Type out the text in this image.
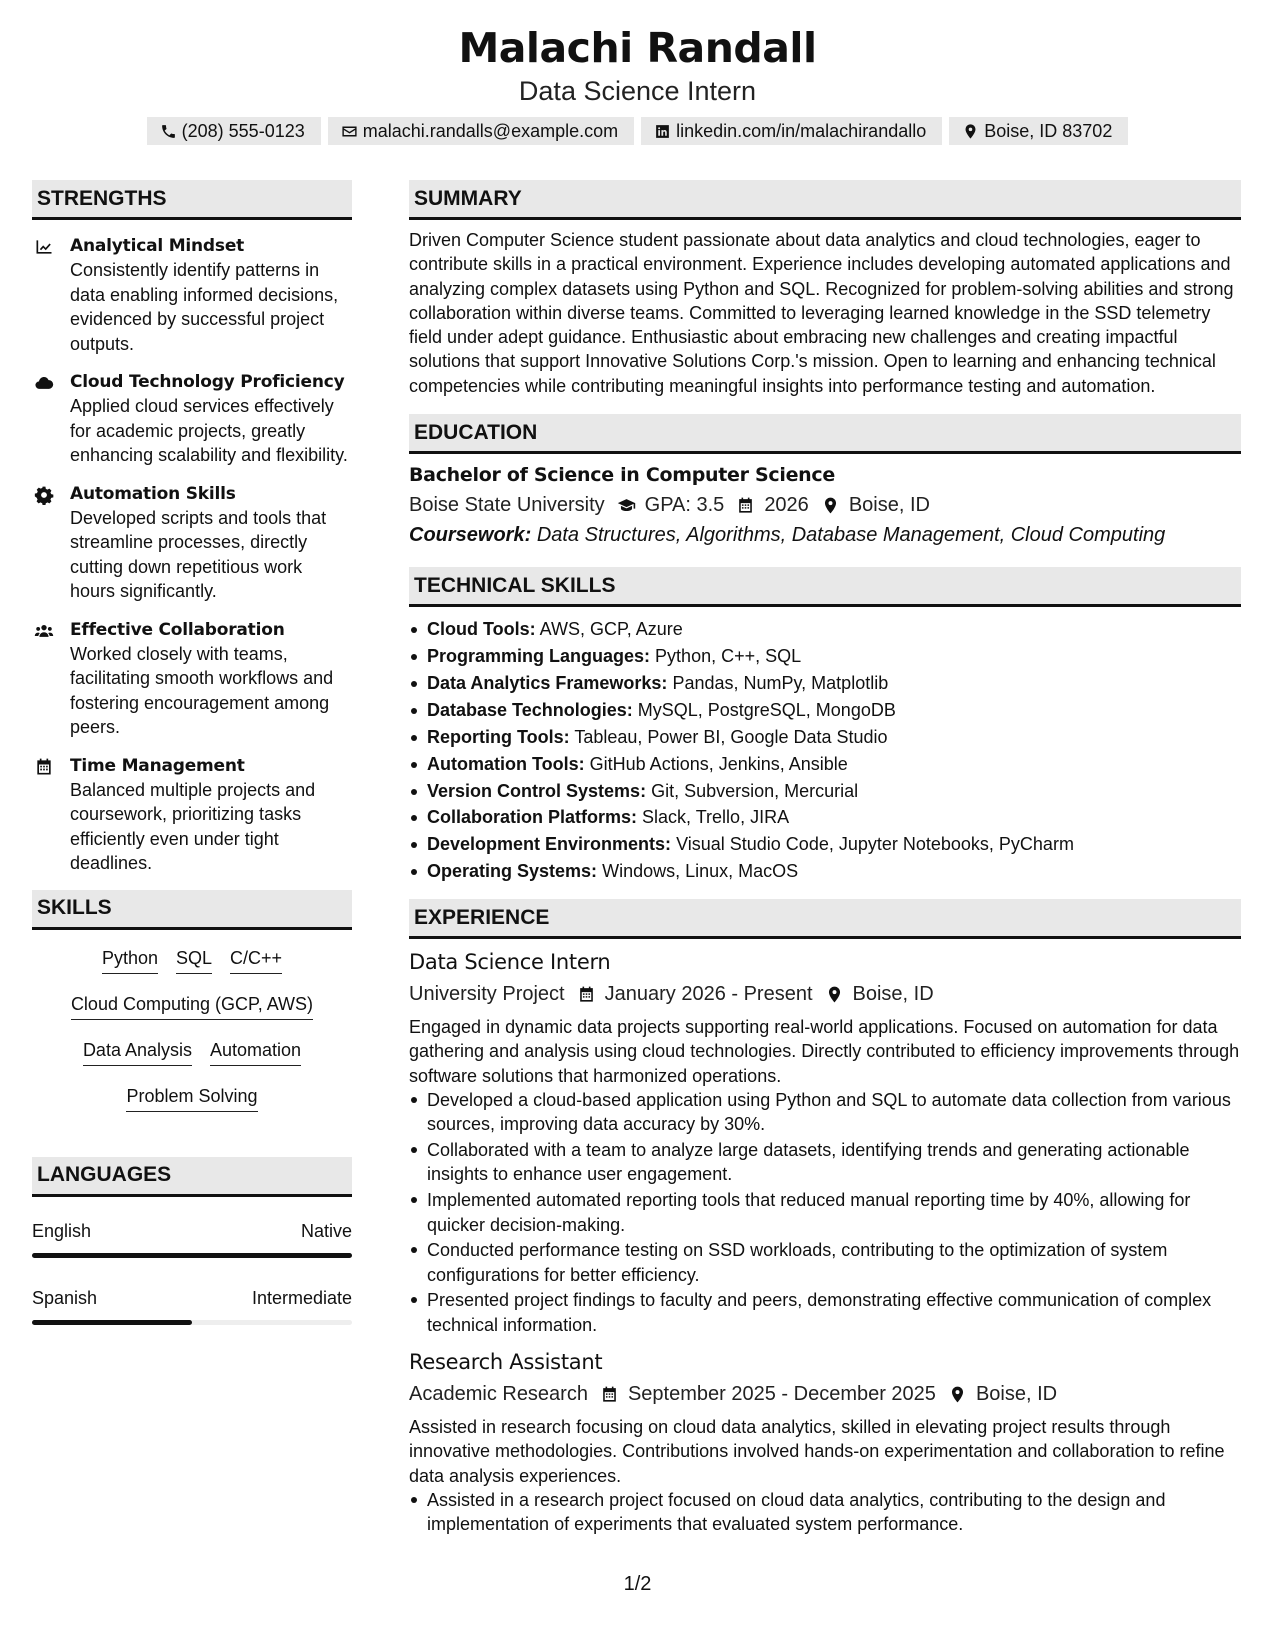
Malachi Randall
Data Science Intern
(208) 555-0123	malachi.randalls@example.com	linkedin.com/in/malachirandallo	Boise, ID 83702
STRENGTHS
Analytical Mindset
Consistently identify patterns in data enabling informed decisions, evidenced by successful project outputs.
Cloud Technology Proficiency
Applied cloud services effectively for academic projects, greatly enhancing scalability and flexibility.
Automation Skills
Developed scripts and tools that streamline processes, directly cutting down repetitious work hours significantly.
Effective Collaboration
Worked closely with teams, facilitating smooth workflows and fostering encouragement among peers.
Time Management
Balanced multiple projects and coursework, prioritizing tasks efficiently even under tight deadlines.
SKILLS
Python SQL C/C++
Cloud Computing (GCP, AWS)
Data Analysis Automation
Problem Solving
LANGUAGES
English	Native
Spanish	Intermediate
SUMMARY
Driven Computer Science student passionate about data analytics and cloud technologies, eager to contribute skills in a practical environment. Experience includes developing automated applications and analyzing complex datasets using Python and SQL. Recognized for problem-solving abilities and strong collaboration within diverse teams. Committed to leveraging learned knowledge in the SSD telemetry field under adept guidance. Enthusiastic about embracing new challenges and creating impactful solutions that support Innovative Solutions Corp.'s mission. Open to learning and enhancing technical competencies while contributing meaningful insights into performance testing and automation.
EDUCATION
Bachelor of Science in Computer Science
Boise State University GPA: 3.5 2026 Boise, ID
Coursework: Data Structures, Algorithms, Database Management, Cloud Computing
TECHNICAL SKILLS
Cloud Tools: AWS, GCP, Azure
Programming Languages: Python, C++, SQL
Data Analytics Frameworks: Pandas, NumPy, Matplotlib
Database Technologies: MySQL, PostgreSQL, MongoDB
Reporting Tools: Tableau, Power BI, Google Data Studio
Automation Tools: GitHub Actions, Jenkins, Ansible
Version Control Systems: Git, Subversion, Mercurial
Collaboration Platforms: Slack, Trello, JIRA
Development Environments: Visual Studio Code, Jupyter Notebooks, PyCharm
Operating Systems: Windows, Linux, MacOS
EXPERIENCE
Data Science Intern
University Project January 2026 - Present Boise, ID
Engaged in dynamic data projects supporting real-world applications. Focused on automation for data gathering and analysis using cloud technologies. Directly contributed to efficiency improvements through software solutions that harmonized operations.
Developed a cloud-based application using Python and SQL to automate data collection from various sources, improving data accuracy by 30%.
Collaborated with a team to analyze large datasets, identifying trends and generating actionable insights to enhance user engagement.
Implemented automated reporting tools that reduced manual reporting time by 40%, allowing for quicker decision-making.
Conducted performance testing on SSD workloads, contributing to the optimization of system configurations for better efficiency.
Presented project findings to faculty and peers, demonstrating effective communication of complex technical information.
Research Assistant
Academic Research September 2025 - December 2025 Boise, ID
Assisted in research focusing on cloud data analytics, skilled in elevating project results through innovative methodologies. Contributions involved hands-on experimentation and collaboration to refine data analysis experiences.
Assisted in a research project focused on cloud data analytics, contributing to the design and implementation of experiments that evaluated system performance.
1/2
